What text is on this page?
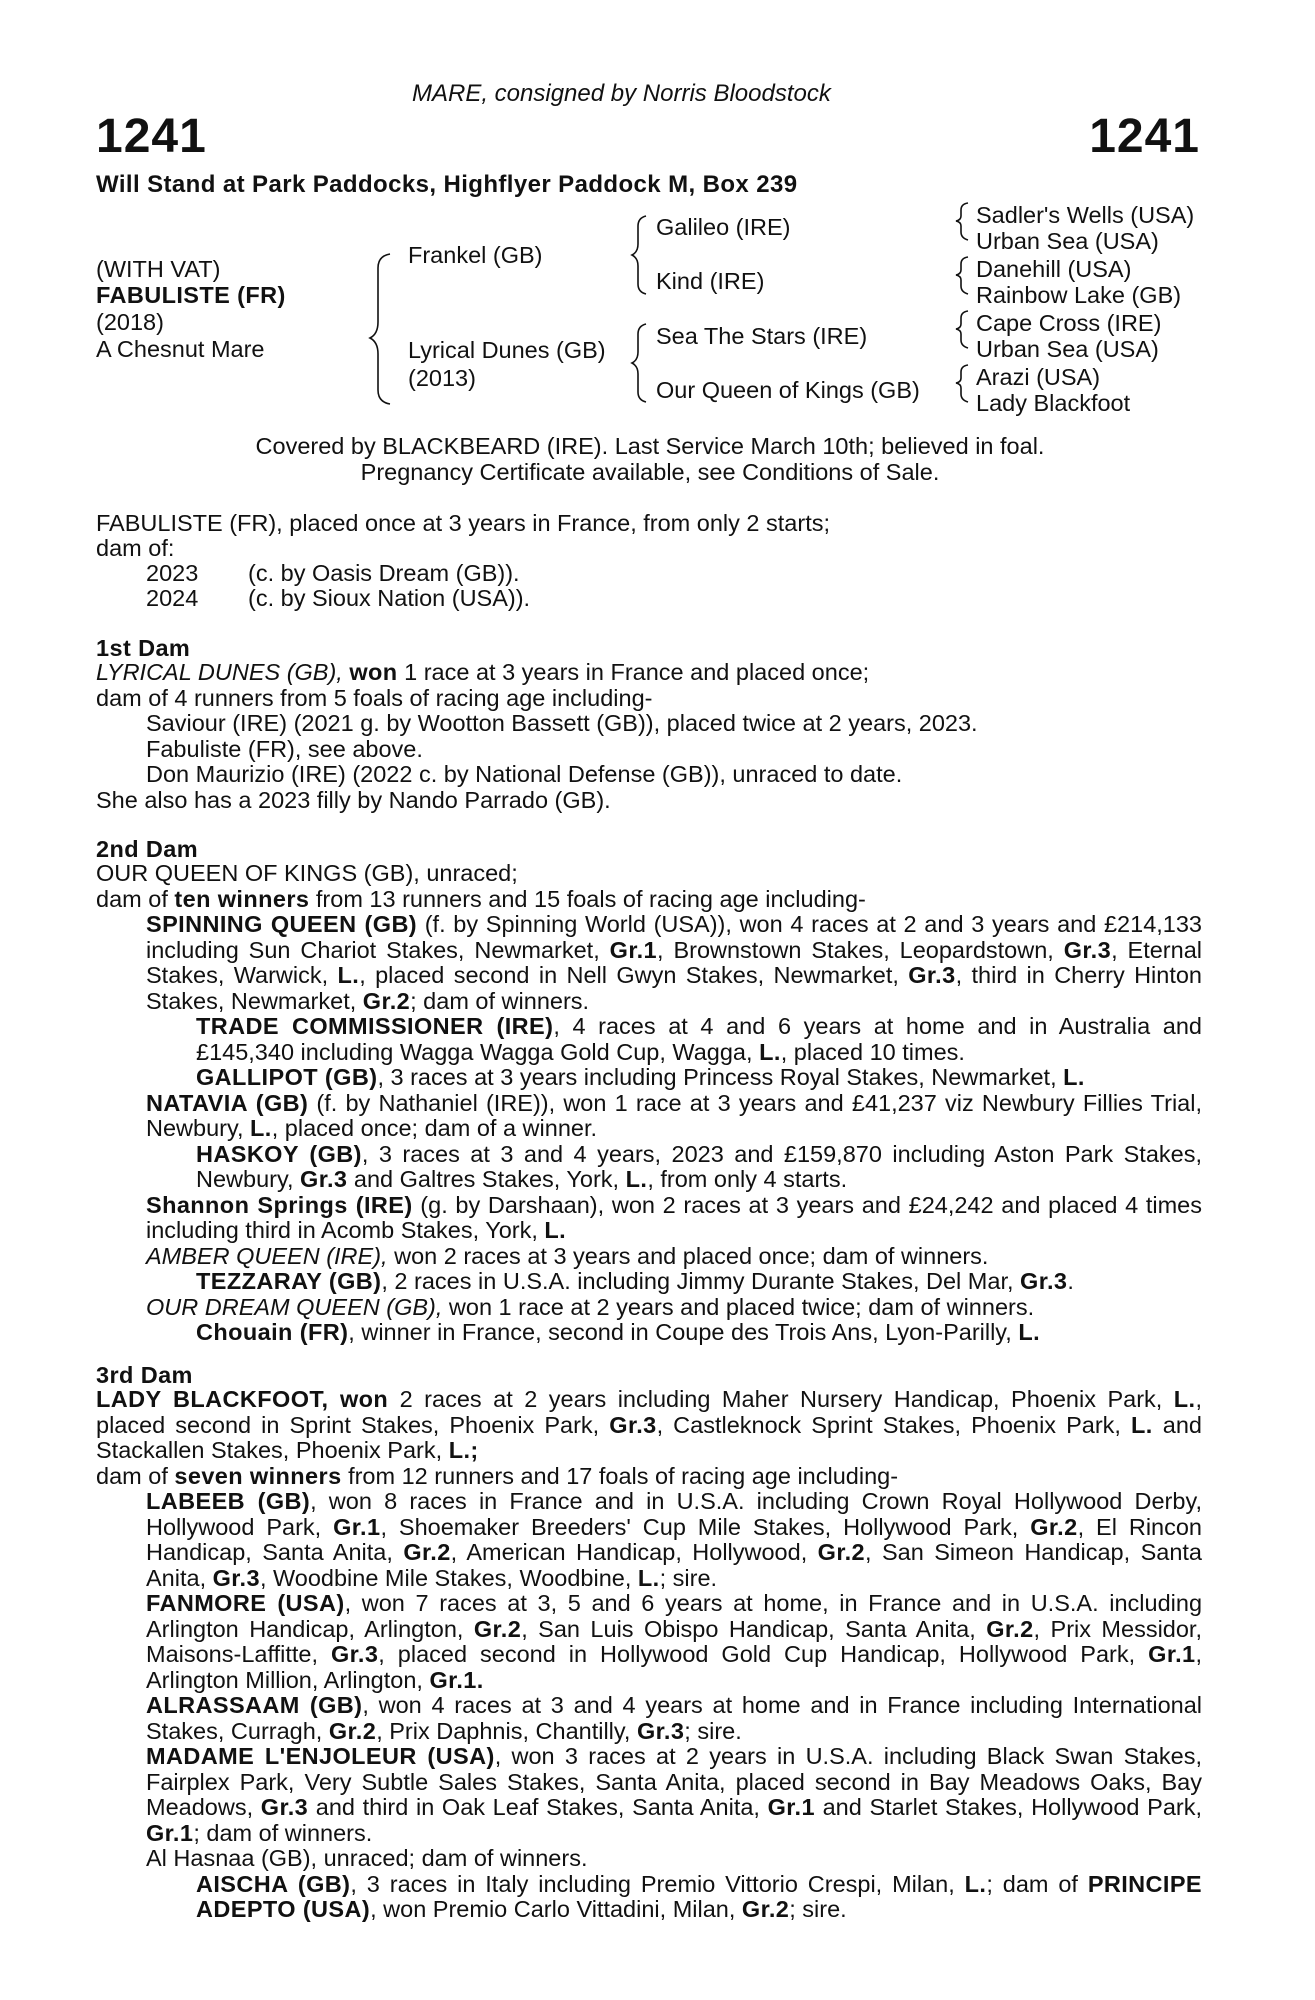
MARE, consigned by Norris Bloodstock
1241	1241
Will Stand at Park Paddocks, Highflyer Paddock M, Box 239
(WITH VAT)
FABULISTE (FR)
(2018)
A Chesnut Mare
Frankel (GB)
Lyrical Dunes (GB)
(2013)
Galileo (IRE)
Kind (IRE)
Sea The Stars (IRE)
Our Queen of Kings (GB)
Sadler's Wells (USA)
Urban Sea (USA)
Danehill (USA)
Rainbow Lake (GB)
Cape Cross (IRE)
Urban Sea (USA)
Arazi (USA)
Lady Blackfoot
Covered by BLACKBEARD (IRE). Last Service March 10th; believed in foal.
Pregnancy Certificate available, see Conditions of Sale.
FABULISTE (FR), placed once at 3 years in France, from only 2 starts;
dam of:
2023 (c. by Oasis Dream (GB)).
2024 (c. by Sioux Nation (USA)).
1st Dam

LYRICAL DUNES (GB), won 1 race at 3 years in France and placed once;

dam of 4 runners from 5 foals of racing age including-

Saviour (IRE) (2021 g. by Wootton Bassett (GB)), placed twice at 2 years, 2023.

Fabuliste (FR), see above.

Don Maurizio (IRE) (2022 c. by National Defense (GB)), unraced to date.

She also has a 2023 filly by Nando Parrado (GB).

2nd Dam

OUR QUEEN OF KINGS (GB), unraced;

dam of ten winners from 13 runners and 15 foals of racing age including-

SPINNING QUEEN (GB) (f. by Spinning World (USA)), won 4 races at 2 and 3 years and £214,133 including Sun Chariot Stakes, Newmarket, Gr.1, Brownstown Stakes, Leopardstown, Gr.3, Eternal Stakes, Warwick, L., placed second in Nell Gwyn Stakes, Newmarket, Gr.3, third in Cherry Hinton Stakes, Newmarket, Gr.2; dam of winners.

TRADE COMMISSIONER (IRE), 4 races at 4 and 6 years at home and in Australia and £145,340 including Wagga Wagga Gold Cup, Wagga, L., placed 10 times.

GALLIPOT (GB), 3 races at 3 years including Princess Royal Stakes, Newmarket, L.

NATAVIA (GB) (f. by Nathaniel (IRE)), won 1 race at 3 years and £41,237 viz Newbury Fillies Trial, Newbury, L., placed once; dam of a winner.

HASKOY (GB), 3 races at 3 and 4 years, 2023 and £159,870 including Aston Park Stakes, Newbury, Gr.3 and Galtres Stakes, York, L., from only 4 starts.

Shannon Springs (IRE) (g. by Darshaan), won 2 races at 3 years and £24,242 and placed 4 times including third in Acomb Stakes, York, L.

AMBER QUEEN (IRE), won 2 races at 3 years and placed once; dam of winners.

TEZZARAY (GB), 2 races in U.S.A. including Jimmy Durante Stakes, Del Mar, Gr.3.

OUR DREAM QUEEN (GB), won 1 race at 2 years and placed twice; dam of winners.

Chouain (FR), winner in France, second in Coupe des Trois Ans, Lyon-Parilly, L.

3rd Dam

LADY BLACKFOOT, won 2 races at 2 years including Maher Nursery Handicap, Phoenix Park, L., placed second in Sprint Stakes, Phoenix Park, Gr.3, Castleknock Sprint Stakes, Phoenix Park, L. and Stackallen Stakes, Phoenix Park, L.;

dam of seven winners from 12 runners and 17 foals of racing age including-

LABEEB (GB), won 8 races in France and in U.S.A. including Crown Royal Hollywood Derby, Hollywood Park, Gr.1, Shoemaker Breeders' Cup Mile Stakes, Hollywood Park, Gr.2, El Rincon Handicap, Santa Anita, Gr.2, American Handicap, Hollywood, Gr.2, San Simeon Handicap, Santa Anita, Gr.3, Woodbine Mile Stakes, Woodbine, L.; sire.

FANMORE (USA), won 7 races at 3, 5 and 6 years at home, in France and in U.S.A. including Arlington Handicap, Arlington, Gr.2, San Luis Obispo Handicap, Santa Anita, Gr.2, Prix Messidor, Maisons-Laffitte, Gr.3, placed second in Hollywood Gold Cup Handicap, Hollywood Park, Gr.1, Arlington Million, Arlington, Gr.1.

ALRASSAAM (GB), won 4 races at 3 and 4 years at home and in France including International Stakes, Curragh, Gr.2, Prix Daphnis, Chantilly, Gr.3; sire.

MADAME L'ENJOLEUR (USA), won 3 races at 2 years in U.S.A. including Black Swan Stakes, Fairplex Park, Very Subtle Sales Stakes, Santa Anita, placed second in Bay Meadows Oaks, Bay Meadows, Gr.3 and third in Oak Leaf Stakes, Santa Anita, Gr.1 and Starlet Stakes, Hollywood Park, Gr.1; dam of winners.

Al Hasnaa (GB), unraced; dam of winners.

AISCHA (GB), 3 races in Italy including Premio Vittorio Crespi, Milan, L.; dam of PRINCIPE ADEPTO (USA), won Premio Carlo Vittadini, Milan, Gr.2; sire.
